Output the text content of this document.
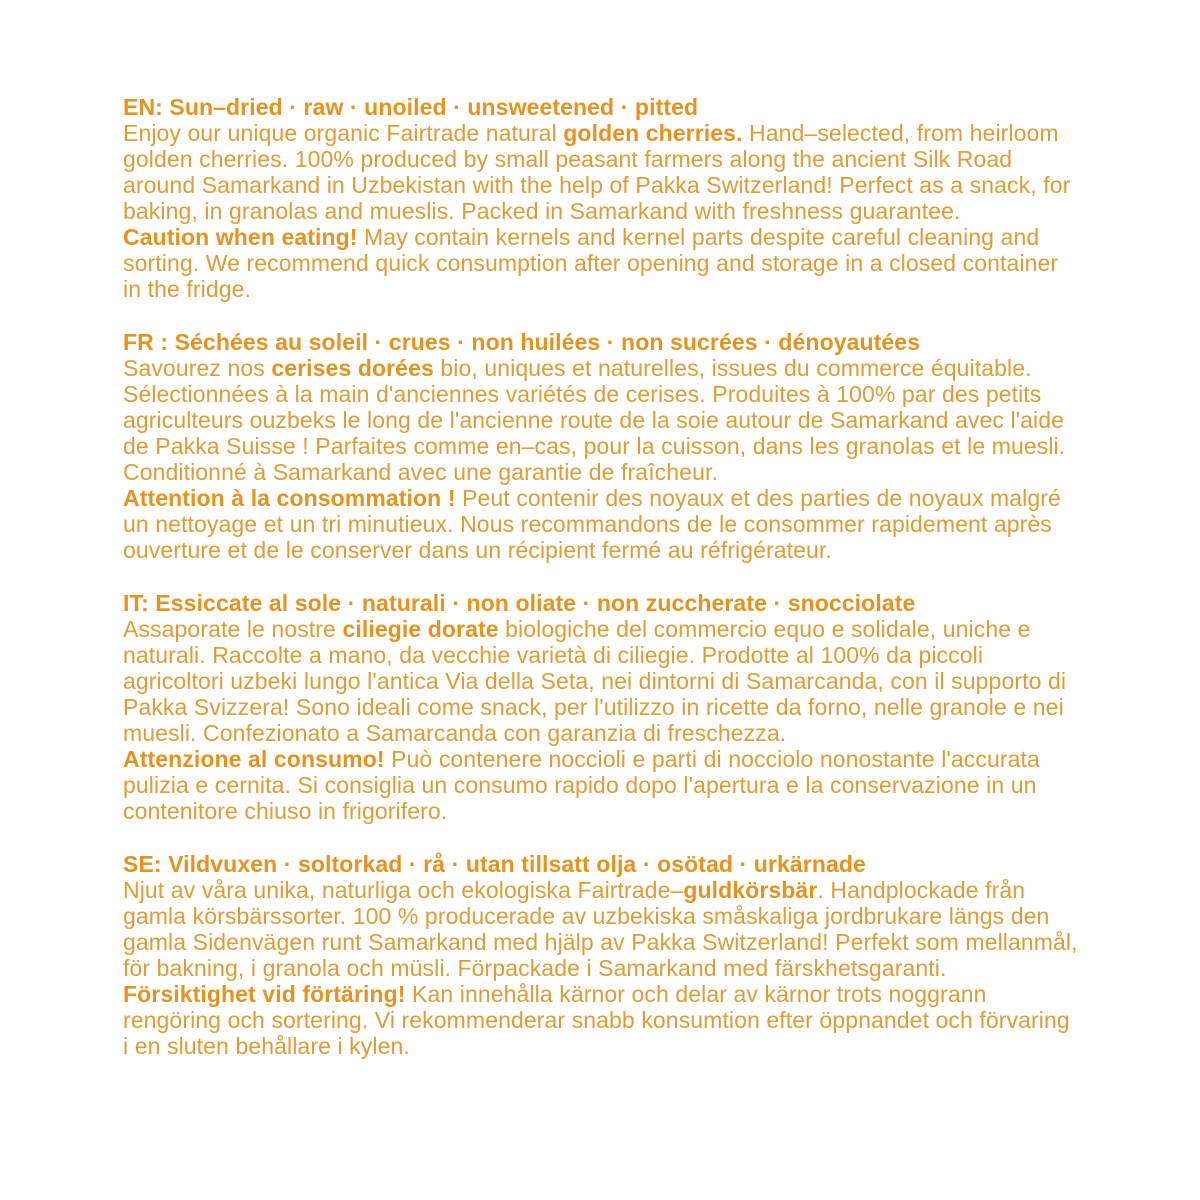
EN: Sun–dried · raw · unoiled · unsweetened · pitted

Enjoy our unique organic Fairtrade natural golden cherries. Hand–selected, from heirloom golden cherries. 100% produced by small peasant farmers along the ancient Silk Road around Samarkand in Uzbekistan with the help of Pakka Switzerland! Perfect as a snack, for baking, in granolas and mueslis. Packed in Samarkand with freshness guarantee.

Caution when eating! May contain kernels and kernel parts despite careful cleaning and sorting. We recommend quick consumption after opening and storage in a closed container in the fridge.

FR : Séchées au soleil · crues · non huilées · non sucrées · dénoyautées

Savourez nos cerises dorées bio, uniques et naturelles, issues du commerce équitable. Sélectionnées à la main d'anciennes variétés de cerises. Produites à 100% par des petits agriculteurs ouzbeks le long de l'ancienne route de la soie autour de Samarkand avec l'aide de Pakka Suisse ! Parfaites comme en–cas, pour la cuisson, dans les granolas et le muesli. Conditionné à Samarkand avec une garantie de fraîcheur.

Attention à la consommation ! Peut contenir des noyaux et des parties de noyaux malgré un nettoyage et un tri minutieux. Nous recommandons de le consommer rapidement après ouverture et de le conserver dans un récipient fermé au réfrigérateur.

IT: Essiccate al sole · naturali · non oliate · non zuccherate · snocciolate

Assaporate le nostre ciliegie dorate biologiche del commercio equo e solidale, uniche e naturali. Raccolte a mano, da vecchie varietà di ciliegie. Prodotte al 100% da piccoli agricoltori uzbeki lungo l'antica Via della Seta, nei dintorni di Samarcanda, con il supporto di Pakka Svizzera! Sono ideali come snack, per l'utilizzo in ricette da forno, nelle granole e nei muesli. Confezionato a Samarcanda con garanzia di freschezza.

Attenzione al consumo! Può contenere noccioli e parti di nocciolo nonostante l'accurata pulizia e cernita. Si consiglia un consumo rapido dopo l'apertura e la conservazione in un contenitore chiuso in frigorifero.

SE: Vildvuxen · soltorkad · rå · utan tillsatt olja · osötad · urkärnade

Njut av våra unika, naturliga och ekologiska Fairtrade–guldkörsbär. Handplockade från gamla körsbärssorter. 100 % producerade av uzbekiska småskaliga jordbrukare längs den gamla Sidenvägen runt Samarkand med hjälp av Pakka Switzerland! Perfekt som mellanmål, för bakning, i granola och müsli. Förpackade i Samarkand med färskhetsgaranti.

Försiktighet vid förtäring! Kan innehålla kärnor och delar av kärnor trots noggrann rengöring och sortering. Vi rekommenderar snabb konsumtion efter öppnandet och förvaring i en sluten behållare i kylen.
